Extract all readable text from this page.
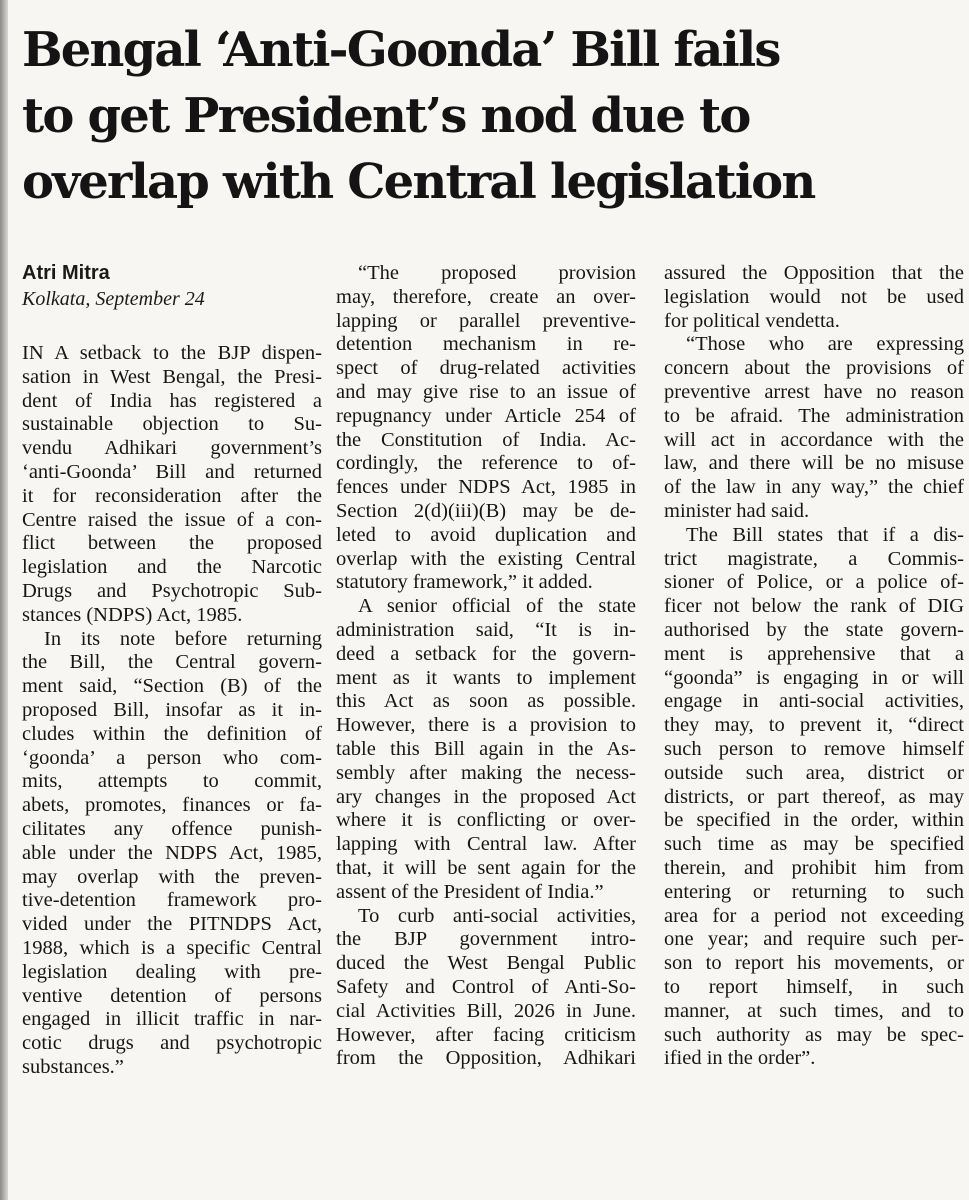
Bengal ‘Anti-Goonda’ Bill fails
to get President’s nod due to
overlap with Central legislation
Atri Mitra
Kolkata, September 24
IN A setback to the BJP dispen-
sation in West Bengal, the Presi-
dent of India has registered a
sustainable objection to Su-
vendu Adhikari government’s
‘anti-Goonda’ Bill and returned
it for reconsideration after the
Centre raised the issue of a con-
flict between the proposed
legislation and the Narcotic
Drugs and Psychotropic Sub-
stances (NDPS) Act, 1985.
In its note before returning
the Bill, the Central govern-
ment said, “Section (B) of the
proposed Bill, insofar as it in-
cludes within the definition of
‘goonda’ a person who com-
mits, attempts to commit,
abets, promotes, finances or fa-
cilitates any offence punish-
able under the NDPS Act, 1985,
may overlap with the preven-
tive-detention framework pro-
vided under the PITNDPS Act,
1988, which is a specific Central
legislation dealing with pre-
ventive detention of persons
engaged in illicit traffic in nar-
cotic drugs and psychotropic
substances.”
“The proposed provision
may, therefore, create an over-
lapping or parallel preventive-
detention mechanism in re-
spect of drug-related activities
and may give rise to an issue of
repugnancy under Article 254 of
the Constitution of India. Ac-
cordingly, the reference to of-
fences under NDPS Act, 1985 in
Section 2(d)(iii)(B) may be de-
leted to avoid duplication and
overlap with the existing Central
statutory framework,” it added.
A senior official of the state
administration said, “It is in-
deed a setback for the govern-
ment as it wants to implement
this Act as soon as possible.
However, there is a provision to
table this Bill again in the As-
sembly after making the necess-
ary changes in the proposed Act
where it is conflicting or over-
lapping with Central law. After
that, it will be sent again for the
assent of the President of India.”
To curb anti-social activities,
the BJP government intro-
duced the West Bengal Public
Safety and Control of Anti-So-
cial Activities Bill, 2026 in June.
However, after facing criticism
from the Opposition, Adhikari
assured the Opposition that the
legislation would not be used
for political vendetta.
“Those who are expressing
concern about the provisions of
preventive arrest have no reason
to be afraid. The administration
will act in accordance with the
law, and there will be no misuse
of the law in any way,” the chief
minister had said.
The Bill states that if a dis-
trict magistrate, a Commis-
sioner of Police, or a police of-
ficer not below the rank of DIG
authorised by the state govern-
ment is apprehensive that a
“goonda” is engaging in or will
engage in anti-social activities,
they may, to prevent it, “direct
such person to remove himself
outside such area, district or
districts, or part thereof, as may
be specified in the order, within
such time as may be specified
therein, and prohibit him from
entering or returning to such
area for a period not exceeding
one year; and require such per-
son to report his movements, or
to report himself, in such
manner, at such times, and to
such authority as may be spec-
ified in the order”.
